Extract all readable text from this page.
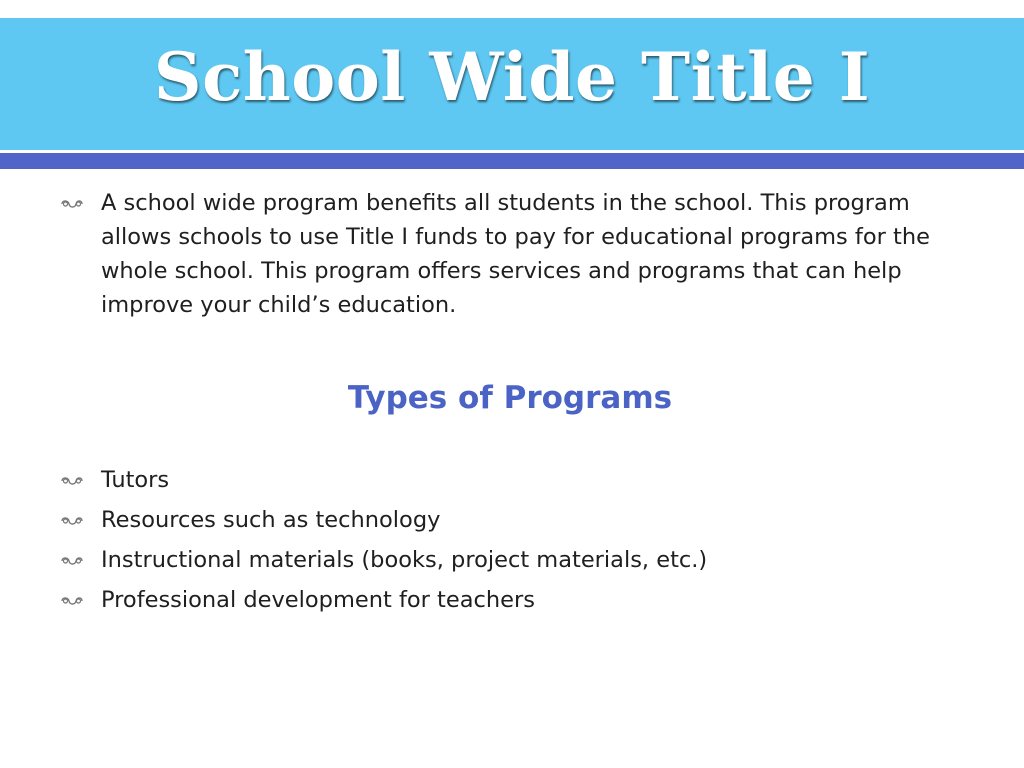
School Wide Title I
A school wide program benefits all students in the school. This program allows schools to use Title I funds to pay for educational programs for the whole school. This program offers services and programs that can help improve your child’s education.
Types of Programs
Tutors
Resources such as technology
Instructional materials (books, project materials, etc.)
Professional development for teachers
